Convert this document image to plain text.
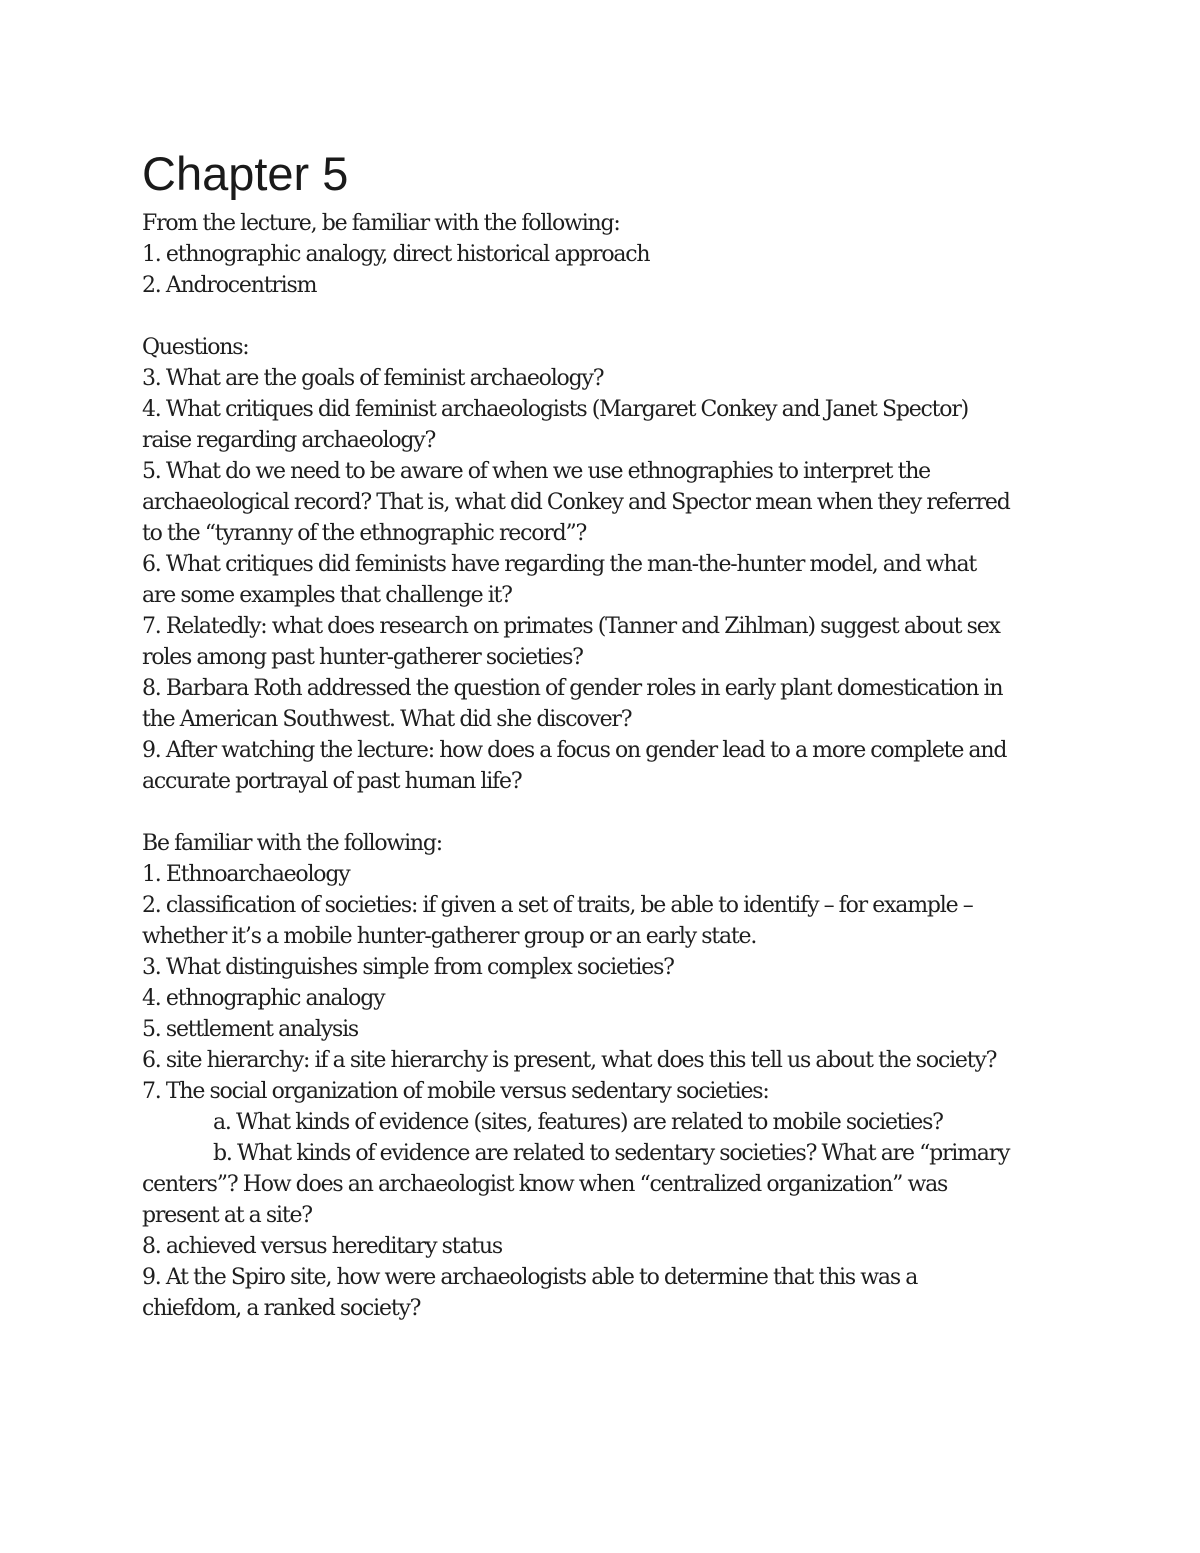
Chapter 5

From the lecture, be familiar with the following:

1. ethnographic analogy, direct historical approach

2. Androcentrism

Questions:

3. What are the goals of feminist archaeology?

4. What critiques did feminist archaeologists (Margaret Conkey and Janet Spector)

raise regarding archaeology?

5. What do we need to be aware of when we use ethnographies to interpret the

archaeological record? That is, what did Conkey and Spector mean when they referred

to the “tyranny of the ethnographic record”?

6. What critiques did feminists have regarding the man-the-hunter model, and what

are some examples that challenge it?

7. Relatedly: what does research on primates (Tanner and Zihlman) suggest about sex

roles among past hunter-gatherer societies?

8. Barbara Roth addressed the question of gender roles in early plant domestication in

the American Southwest. What did she discover?

9. After watching the lecture: how does a focus on gender lead to a more complete and

accurate portrayal of past human life?

Be familiar with the following:

1. Ethnoarchaeology

2. classification of societies: if given a set of traits, be able to identify – for example –

whether it’s a mobile hunter-gatherer group or an early state.

3. What distinguishes simple from complex societies?

4. ethnographic analogy

5. settlement analysis

6. site hierarchy: if a site hierarchy is present, what does this tell us about the society?

7. The social organization of mobile versus sedentary societies:

a. What kinds of evidence (sites, features) are related to mobile societies?

b. What kinds of evidence are related to sedentary societies? What are “primary

centers”? How does an archaeologist know when “centralized organization” was

present at a site?

8. achieved versus hereditary status

9. At the Spiro site, how were archaeologists able to determine that this was a

chiefdom, a ranked society?
